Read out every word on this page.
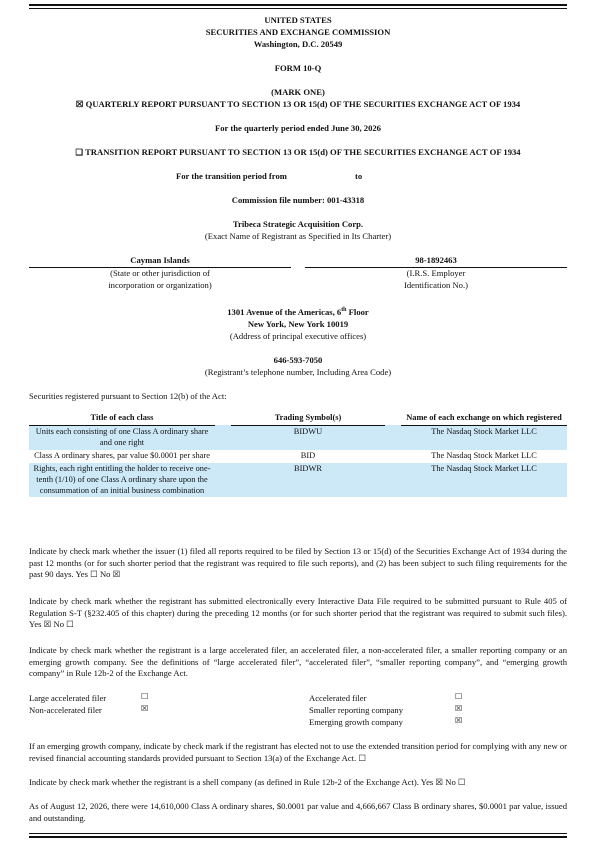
UNITED STATES
SECURITIES AND EXCHANGE COMMISSION
Washington, D.C. 20549
FORM 10-Q
(MARK ONE)
☒ QUARTERLY REPORT PURSUANT TO SECTION 13 OR 15(d) OF THE SECURITIES EXCHANGE ACT OF 1934
For the quarterly period ended June 30, 2026
❑ TRANSITION REPORT PURSUANT TO SECTION 13 OR 15(d) OF THE SECURITIES EXCHANGE ACT OF 1934
For the transition period from	to
Commission file number: 001-43318
Tribeca Strategic Acquisition Corp.
(Exact Name of Registrant as Specified in Its Charter)
Cayman Islands
(State or other jurisdiction of
incorporation or organization)
98-1892463
(I.R.S. Employer
Identification No.)
1301 Avenue of the Americas, 6th Floor
New York, New York 10019
(Address of principal executive offices)
646-593-7050
(Registrant’s telephone number, Including Area Code)
Securities registered pursuant to Section 12(b) of the Act:
Title of each class		Trading Symbol(s)		Name of each exchange on which registered
Units each consisting of one Class A ordinary share and one right		BIDWU		The Nasdaq Stock Market LLC
Class A ordinary shares, par value $0.0001 per share		BID		The Nasdaq Stock Market LLC
Rights, each right entitling the holder to receive one-tenth (1/10) of one Class A ordinary share upon the consummation of an initial business combination		BIDWR		The Nasdaq Stock Market LLC
Indicate by check mark whether the issuer (1) filed all reports required to be filed by Section 13 or 15(d) of the Securities Exchange Act of 1934 during the past 12 months (or for such shorter period that the registrant was required to file such reports), and (2) has been subject to such filing requirements for the past 90 days. Yes ☐ No ☒
Indicate by check mark whether the registrant has submitted electronically every Interactive Data File required to be submitted pursuant to Rule 405 of Regulation S-T (§232.405 of this chapter) during the preceding 12 months (or for such shorter period that the registrant was required to submit such files). Yes ☒ No ☐
Indicate by check mark whether the registrant is a large accelerated filer, an accelerated filer, a non-accelerated filer, a smaller reporting company or an emerging growth company. See the definitions of “large accelerated filer”, “accelerated filer”, “smaller reporting company”, and “emerging growth company” in Rule 12b-2 of the Exchange Act.
Large accelerated filer	☐
Non-accelerated filer	☒
Accelerated filer	☐
Smaller reporting company	☒
Emerging growth company	☒
If an emerging growth company, indicate by check mark if the registrant has elected not to use the extended transition period for complying with any new or revised financial accounting standards provided pursuant to Section 13(a) of the Exchange Act. ☐
Indicate by check mark whether the registrant is a shell company (as defined in Rule 12b-2 of the Exchange Act). Yes ☒ No ☐
As of August 12, 2026, there were 14,610,000 Class A ordinary shares, $0.0001 par value and 4,666,667 Class B ordinary shares, $0.0001 par value, issued and outstanding.
